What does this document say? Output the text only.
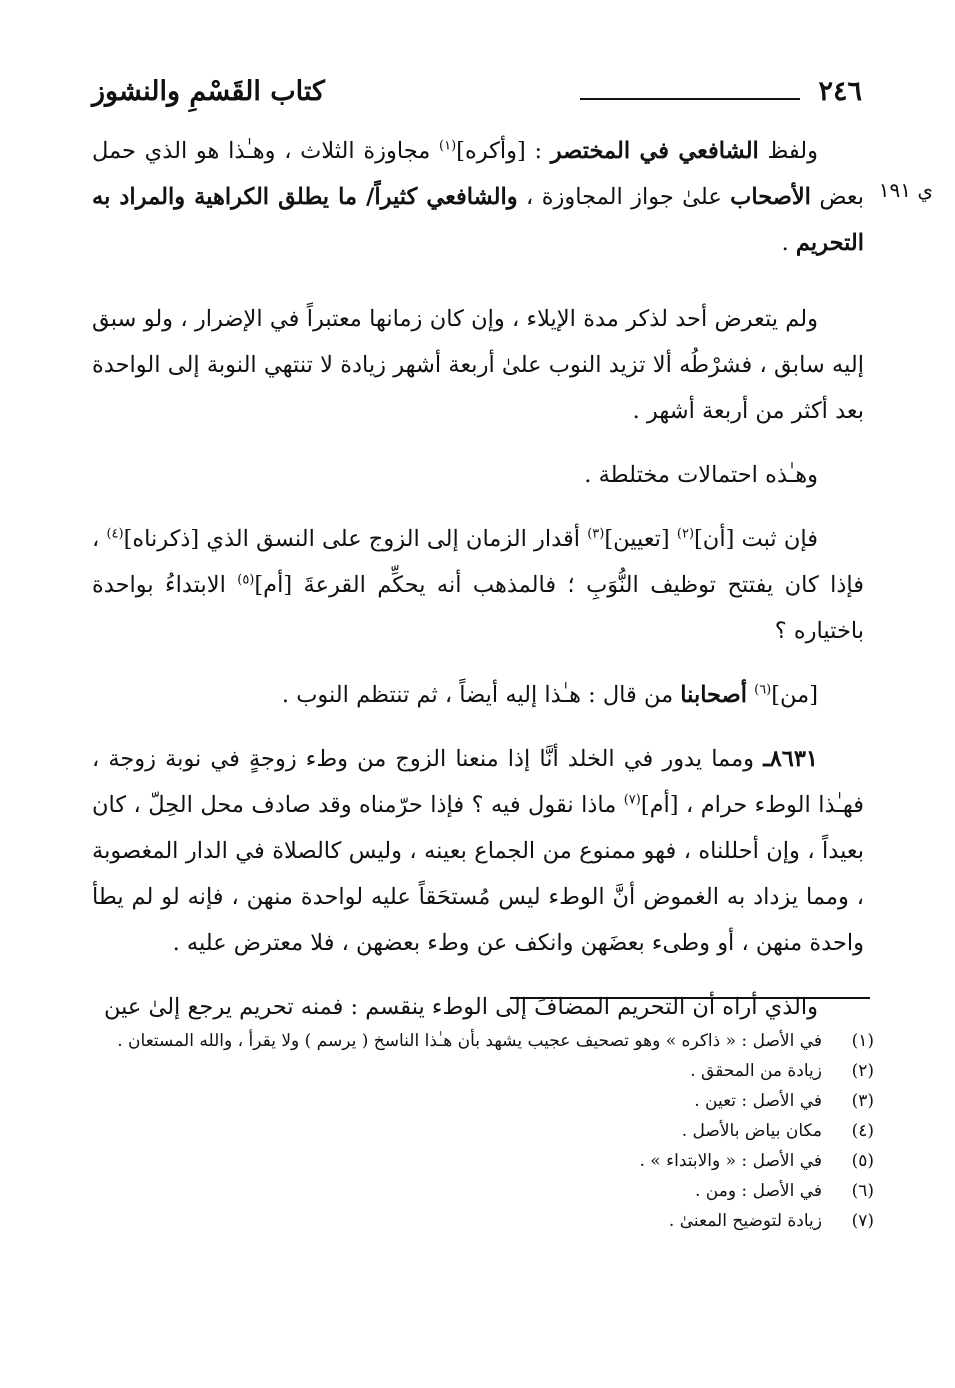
٢٤٦
كتاب القَسْمِ والنشوز
ي ١٩١

ولفظ الشافعي في المختصر : [وأكره]$^{(١)}$ مجاوزة الثلاث ، وهـٰذا هو الذي حمل بعض الأصحاب علىٰ جواز المجاوزة ، والشافعي كثيراً/ ما يطلق الكراهية والمراد به التحريم .

ولم يتعرض أحد لذكر مدة الإيلاء ، وإن كان زمانها معتبراً في الإضرار ، ولو سبق إليه سابق ، فشرْطُه ألا تزيد النوب علىٰ أربعة أشهر زيادة لا تنتهي النوبة إلى الواحدة بعد أكثر من أربعة أشهر .

وهـٰذه احتمالات مختلطة .

فإن ثبت [أن]$^{(٢)}$ [تعيين]$^{(٣)}$ أقدار الزمان إلى الزوج على النسق الذي [ذكرناه]$^{(٤)}$ ، فإذا كان يفتتح توظيف النُّوَبِ ؛ فالمذهب أنه يحكِّم القرعةَ [أم]$^{(٥)}$ الابتداءُ بواحدة باختياره ؟

[من]$^{(٦)}$ أصحابنا من قال : هـٰذا إليه أيضاً ، ثم تنتظم النوب .

٨٦٣١ـ ومما يدور في الخلد أنَّا إذا منعنا الزوج من وطء زوجةٍ في نوبة زوجة ، فهـٰذا الوطء حرام ، [أم]$^{(٧)}$ ماذا نقول فيه ؟ فإذا حرّمناه وقد صادف محل الحِلّ ، كان بعيداً ، وإن أحللناه ، فهو ممنوع من الجماع بعينه ، وليس كالصلاة في الدار المغصوبة ، ومما يزداد به الغموض أنَّ الوطء ليس مُستحَقاً عليه لواحدة منهن ، فإنه لو لم يطأ واحدة منهن ، أو وطىء بعضَهن وانكف عن وطء بعضهن ، فلا معترض عليه .

والذي أراه أن التحريم المضافَ إلى الوطء ينقسم : فمنه تحريم يرجع إلىٰ عين

(١)
في الأصل : « ذاكره » وهو تصحيف عجيب يشهد بأن هـٰذا الناسخ ( يرسم ) ولا يقرأ ، والله المستعان .
(٢)
زيادة من المحقق .
(٣)
في الأصل : تعين .
(٤)
مكان بياض بالأصل .
(٥)
في الأصل : « والابتداء » .
(٦)
في الأصل : ومن .
(٧)
زيادة لتوضيح المعنىٰ .
